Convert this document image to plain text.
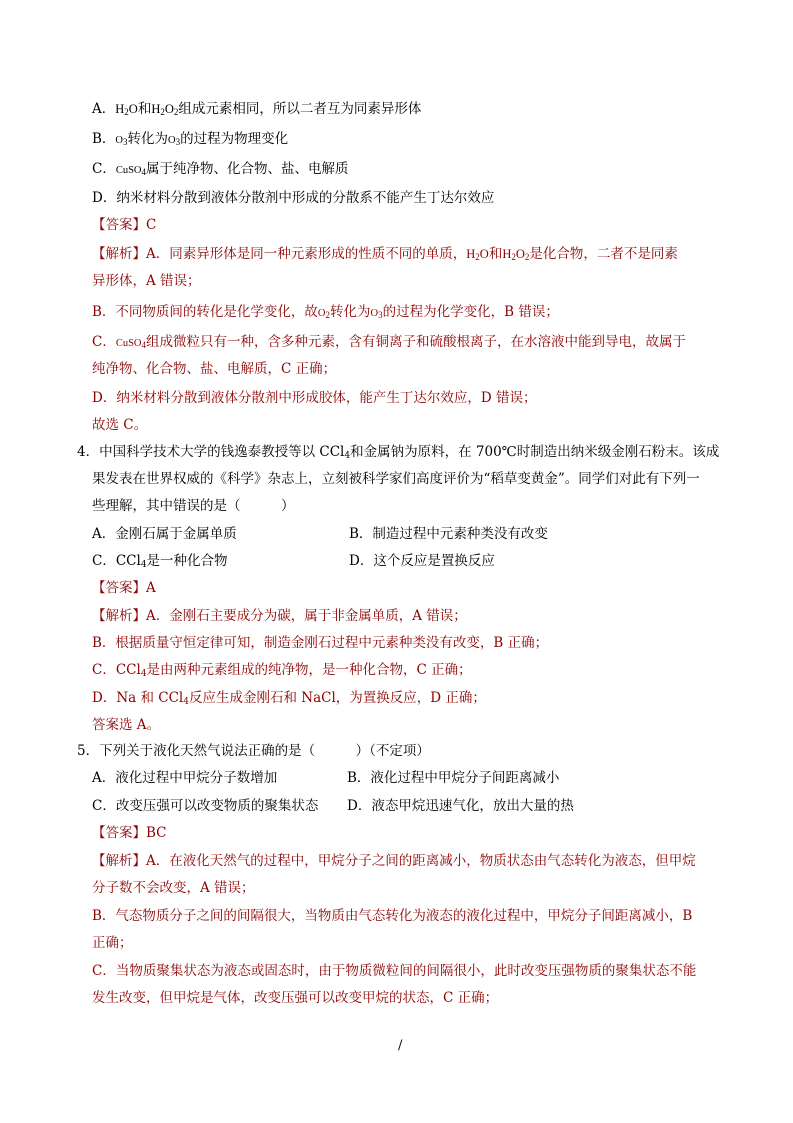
A．$H_2O$和$H_2O_2$组成元素相同，所以二者互为同素异形体
B．$O_3$转化为$O_3$的过程为物理变化
C．CuSO$_4$属于纯净物、化合物、盐、电解质
D．纳米材料分散到液体分散剂中形成的分散系不能产生丁达尔效应
【答案】C
【解析】A．同素异形体是同一种元素形成的性质不同的单质，$H_2O$和$H_2O_2$是化合物，二者不是同素
异形体，A 错误；
B．不同物质间的转化是化学变化，故$O_2$转化为$O_3$的过程为化学变化，B 错误；
C．CuSO$_4$组成微粒只有一种，含多种元素，含有铜离子和硫酸根离子，在水溶液中能到导电，故属于
纯净物、化合物、盐、电解质，C 正确；
D．纳米材料分散到液体分散剂中形成胶体，能产生丁达尔效应，D 错误；
故选 C。
4．中国科学技术大学的钱逸泰教授等以 CCl$_4$和金属钠为原料，在 700℃时制造出纳米级金刚石粉末。该成
果发表在世界权威的《科学》杂志上，立刻被科学家们高度评价为“稻草变黄金”。同学们对此有下列一
些理解，其中错误的是（　　　）
A．金刚石属于金属单质	B．制造过程中元素种类没有改变
C．CCl$_4$是一种化合物	D．这个反应是置换反应
【答案】A
【解析】A．金刚石主要成分为碳，属于非金属单质，A 错误；
B．根据质量守恒定律可知，制造金刚石过程中元素种类没有改变，B 正确；
C．CCl$_4$是由两种元素组成的纯净物，是一种化合物，C 正确；
D．Na 和 CCl$_4$反应生成金刚石和 NaCl，为置换反应，D 正确；
答案选 A。
5．下列关于液化天然气说法正确的是（　　　）（不定项）
A．液化过程中甲烷分子数增加	B．液化过程中甲烷分子间距离减小
C．改变压强可以改变物质的聚集状态 D．液态甲烷迅速气化，放出大量的热
【答案】BC
【解析】A．在液化天然气的过程中，甲烷分子之间的距离减小，物质状态由气态转化为液态，但甲烷
分子数不会改变，A 错误；
B．气态物质分子之间的间隔很大，当物质由气态转化为液态的液化过程中，甲烷分子间距离减小，B
正确；
C．当物质聚集状态为液态或固态时，由于物质微粒间的间隔很小，此时改变压强物质的聚集状态不能
发生改变，但甲烷是气体，改变压强可以改变甲烷的状态，C 正确；
/
